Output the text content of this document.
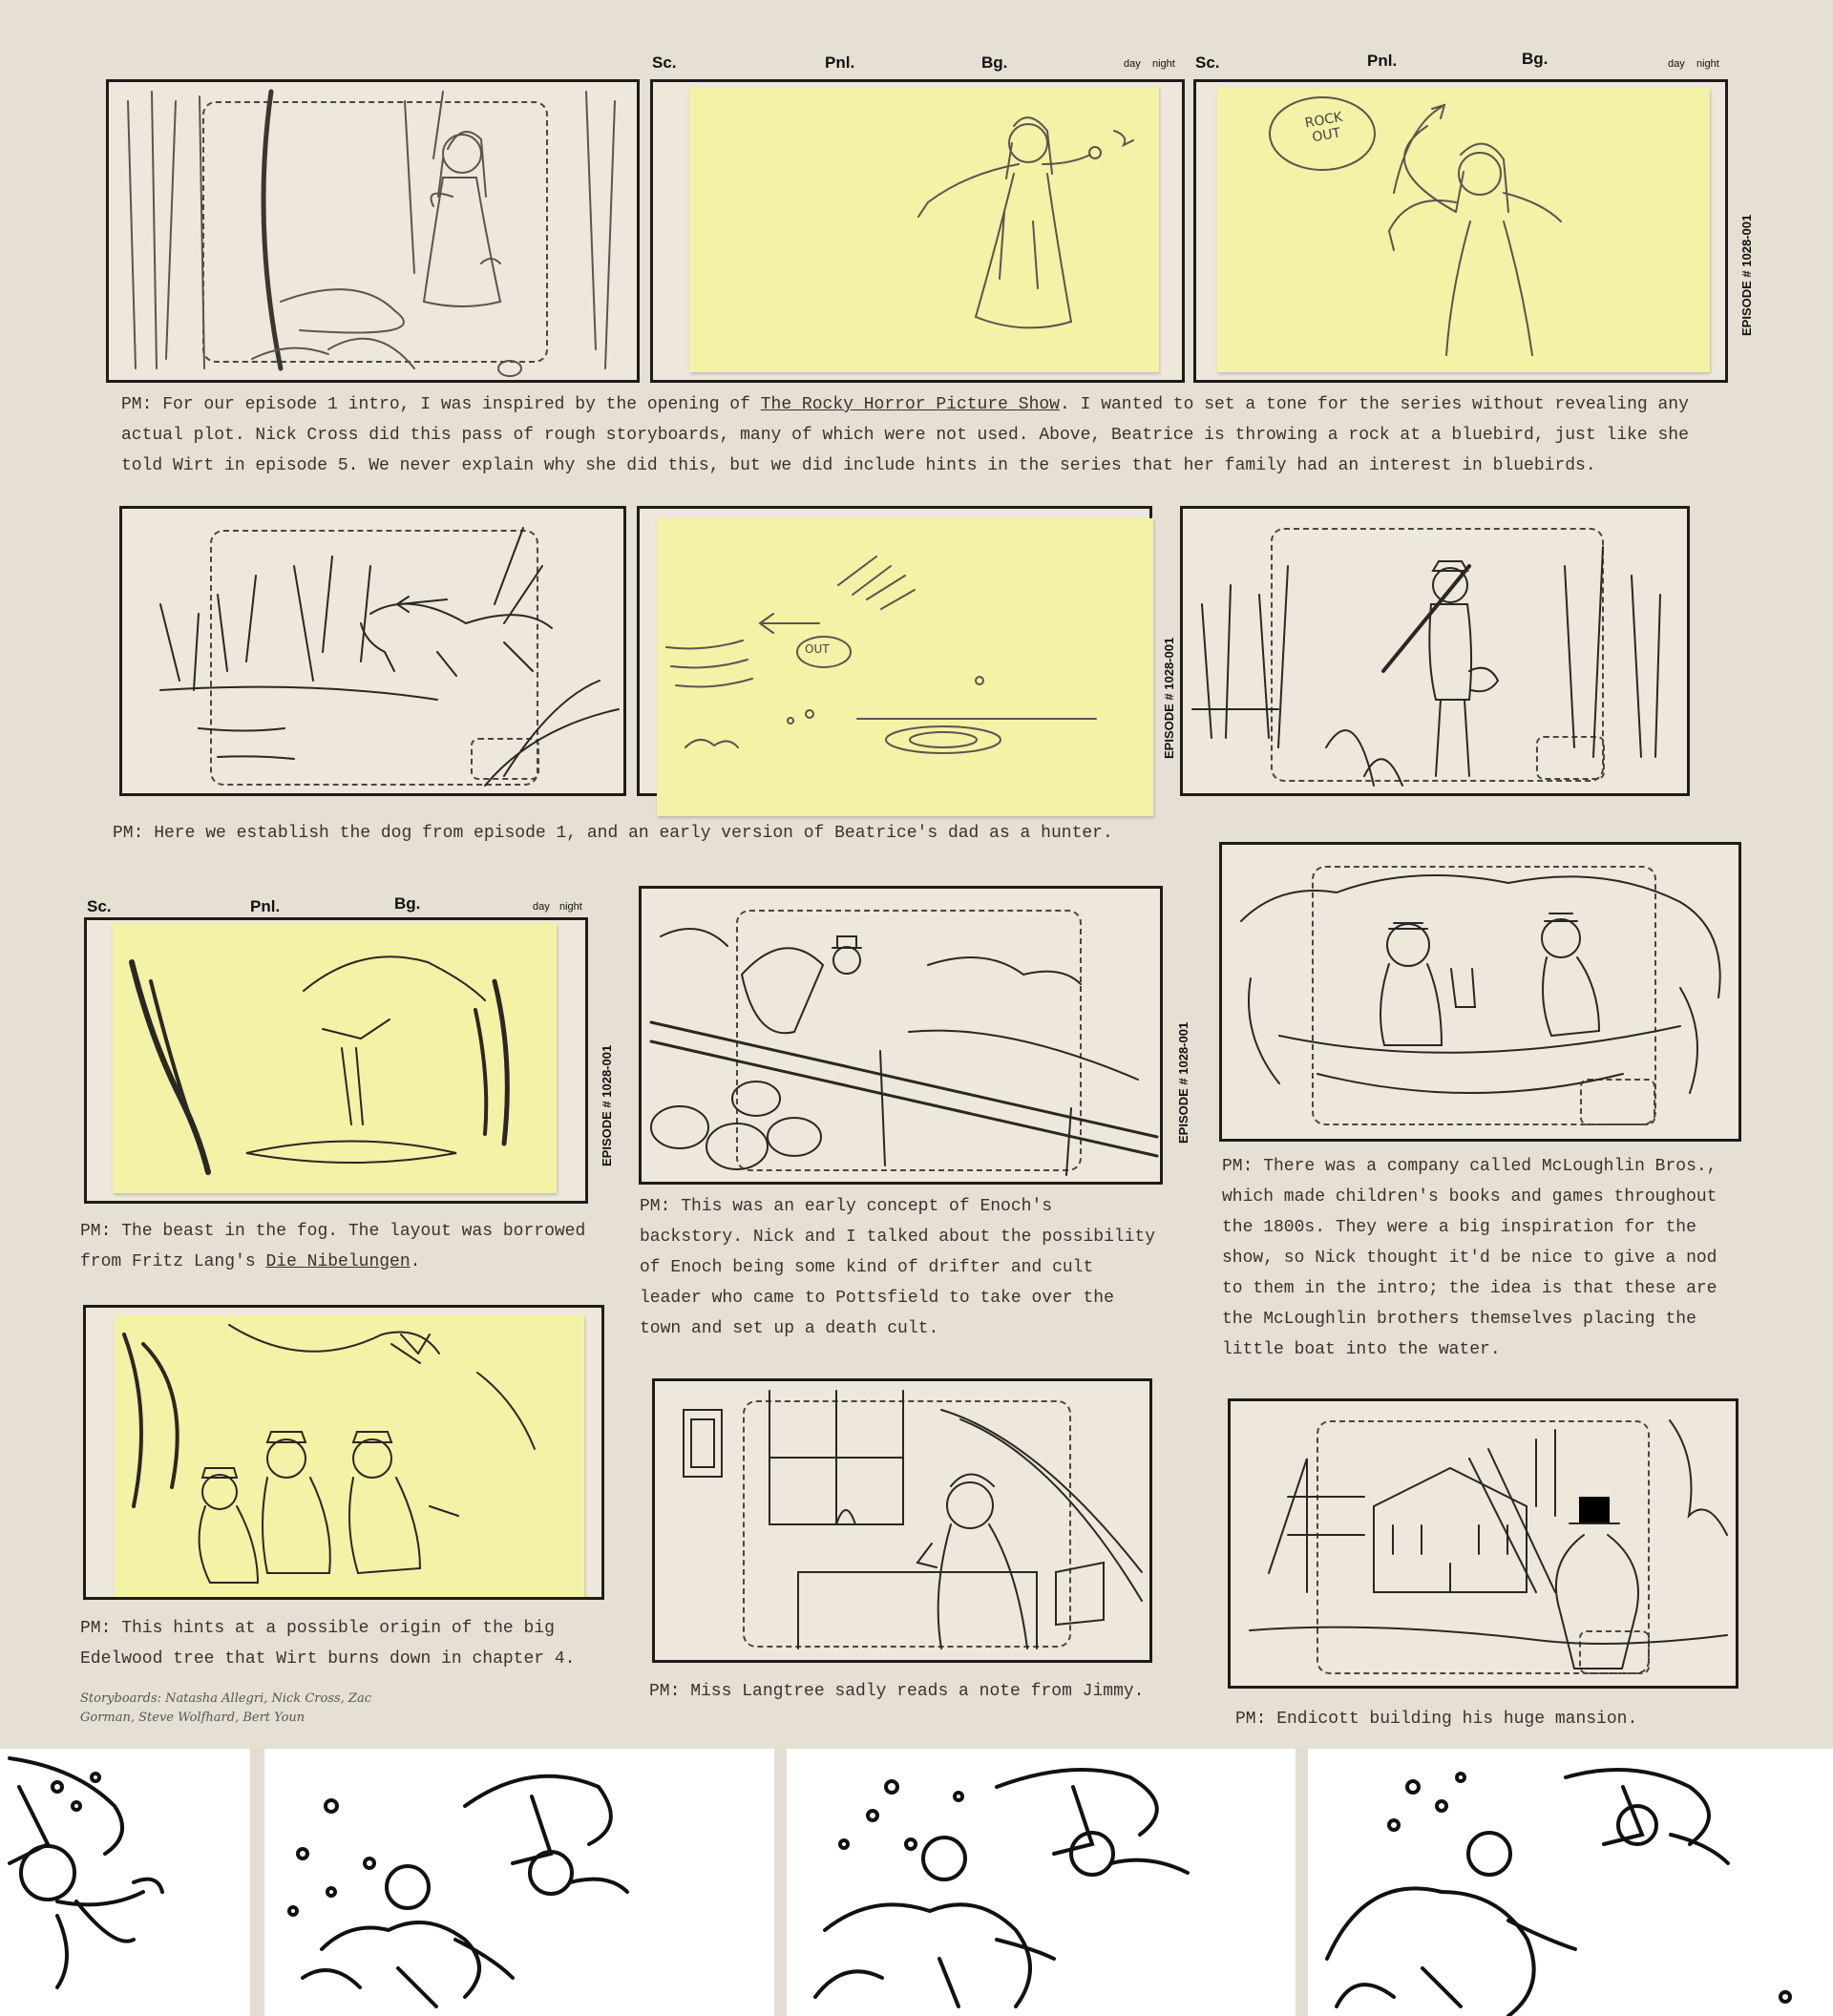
Sc.	Pnl.	Bg.	day night Sc.	Pnl.	Bg.	day night
ROCK OUT
EPISODE # 1028-001
PM: For our episode 1 intro, I was inspired by the opening of The Rocky Horror Picture Show. I wanted to set a tone for the series without revealing any actual plot. Nick Cross did this pass of rough storyboards, many of which were not used. Above, Beatrice is throwing a rock at a bluebird, just like she told Wirt in episode 5. We never explain why she did this, but we did include hints in the series that her family had an interest in bluebirds.
OUT	EPISODE # 1028-001
PM: Here we establish the dog from episode 1, and an early version of Beatrice's dad as a hunter.
Sc.	Pnl.	Bg.	day night
EPISODE # 1028-001
PM: The beast in the fog. The layout was borrowed from Fritz Lang's Die Nibelungen.
EPISODE # 1028-001
PM: This was an early concept of Enoch's backstory. Nick and I talked about the possibility of Enoch being some kind of drifter and cult leader who came to Pottsfield to take over the town and set up a death cult.
PM: There was a company called McLoughlin Bros., which made children's books and games throughout the 1800s. They were a big inspiration for the show, so Nick thought it'd be nice to give a nod to them in the intro; the idea is that these are the McLoughlin brothers themselves placing the little boat into the water.
PM: This hints at a possible origin of the big Edelwood tree that Wirt burns down in chapter 4.
Storyboards: Natasha Allegri, Nick Cross, Zac Gorman, Steve Wolfhard, Bert Youn
PM: Miss Langtree sadly reads a note from Jimmy.
PM: Endicott building his huge mansion.
